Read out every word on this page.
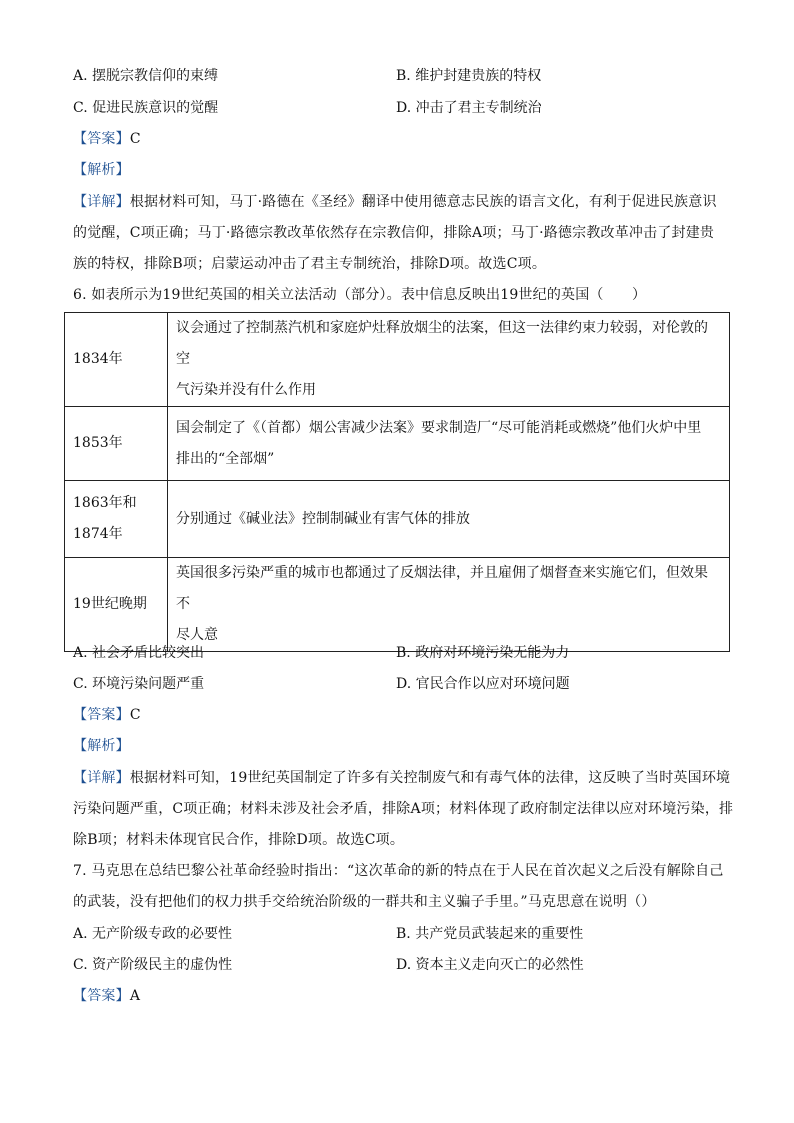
A. 摆脱宗教信仰的束缚	B. 维护封建贵族的特权
C. 促进民族意识的觉醒	D. 冲击了君主专制统治
【答案】C
【解析】
【详解】根据材料可知，马丁·路德在《圣经》翻译中使用德意志民族的语言文化，有利于促进民族意识
的觉醒，C项正确；马丁·路德宗教改革依然存在宗教信仰，排除A项；马丁·路德宗教改革冲击了封建贵
族的特权，排除B项；启蒙运动冲击了君主专制统治，排除D项。故选C项。
6. 如表所示为19世纪英国的相关立法活动（部分）。表中信息反映出19世纪的英国（　　）
1834年	议会通过了控制蒸汽机和家庭炉灶释放烟尘的法案，但这一法律约束力较弱，对伦敦的空
气污染并没有什么作用
1853年	国会制定了《（首都）烟公害减少法案》要求制造厂“尽可能消耗或燃烧”他们火炉中里
排出的“全部烟”
1863年和
1874年	分别通过《碱业法》控制制碱业有害气体的排放
19世纪晚期	英国很多污染严重的城市也都通过了反烟法律，并且雇佣了烟督查来实施它们，但效果不
尽人意
A. 社会矛盾比较突出	B. 政府对环境污染无能为力
C. 环境污染问题严重	D. 官民合作以应对环境问题
【答案】C
【解析】
【详解】根据材料可知，19世纪英国制定了许多有关控制废气和有毒气体的法律，这反映了当时英国环境
污染问题严重，C项正确；材料未涉及社会矛盾，排除A项；材料体现了政府制定法律以应对环境污染，排
除B项；材料未体现官民合作，排除D项。故选C项。
7. 马克思在总结巴黎公社革命经验时指出：“这次革命的新的特点在于人民在首次起义之后没有解除自己
的武装，没有把他们的权力拱手交给统治阶级的一群共和主义骗子手里。”马克思意在说明（）
A. 无产阶级专政的必要性	B. 共产党员武装起来的重要性
C. 资产阶级民主的虚伪性	D. 资本主义走向灭亡的必然性
【答案】A
